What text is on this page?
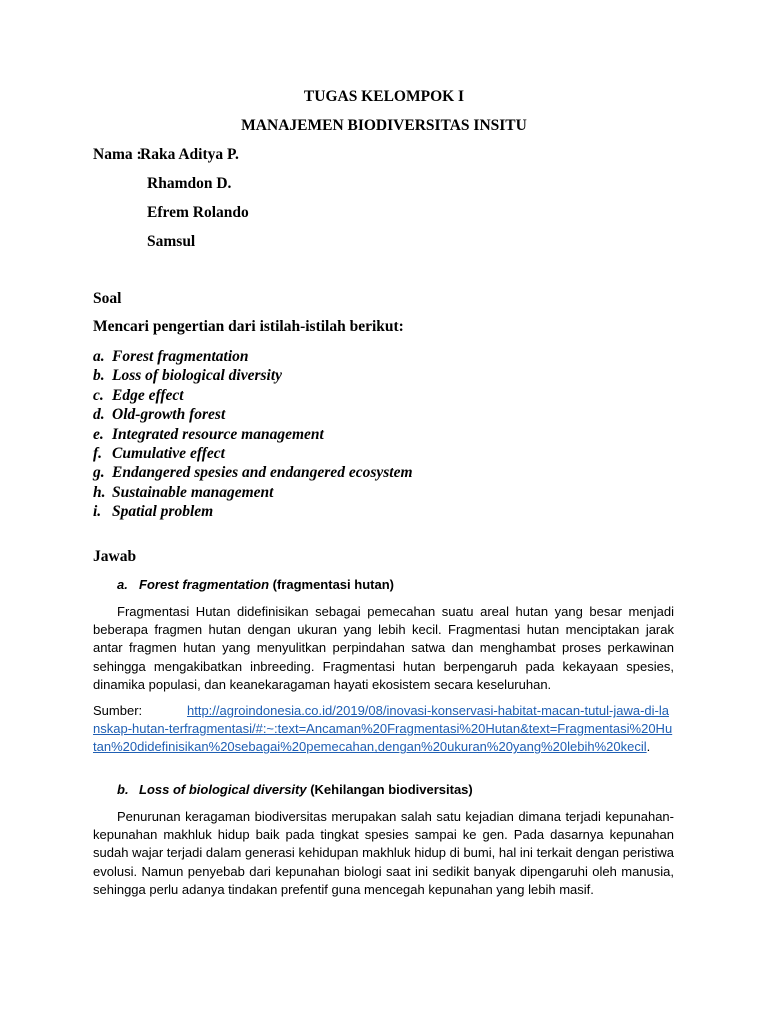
TUGAS KELOMPOK I
MANAJEMEN BIODIVERSITAS INSITU
Nama :
Raka Aditya P.
Rhamdon D.
Efrem Rolando
Samsul
Soal
Mencari pengertian dari istilah-istilah berikut:
a. Forest fragmentation
b. Loss of biological diversity
c. Edge effect
d. Old-growth forest
e. Integrated resource management
f. Cumulative effect
g. Endangered spesies and endangered ecosystem
h. Sustainable management
i. Spatial problem
Jawab
a. Forest fragmentation (fragmentasi hutan)

Fragmentasi Hutan didefinisikan sebagai pemecahan suatu areal hutan yang besar menjadi beberapa fragmen hutan dengan ukuran yang lebih kecil. Fragmentasi hutan menciptakan jarak antar fragmen hutan yang menyulitkan perpindahan satwa dan menghambat proses perkawinan sehingga mengakibatkan inbreeding. Fragmentasi hutan berpengaruh pada kekayaan spesies, dinamika populasi, dan keanekaragaman hayati ekosistem secara keseluruhan.

Sumber:	http://agroindonesia.co.id/2019/08/inovasi-konservasi-habitat-macan-tutul-jawa-di-lanskap-hutan-terfragmentasi/#:~:text=Ancaman%20Fragmentasi%20Hutan&text=Fragmentasi%20Hutan%20didefinisikan%20sebagai%20pemecahan,dengan%20ukuran%20yang%20lebih%20kecil.

b. Loss of biological diversity (Kehilangan biodiversitas)

Penurunan keragaman biodiversitas merupakan salah satu kejadian dimana terjadi kepunahan-kepunahan makhluk hidup baik pada tingkat spesies sampai ke gen. Pada dasarnya kepunahan sudah wajar terjadi dalam generasi kehidupan makhluk hidup di bumi, hal ini terkait dengan peristiwa evolusi. Namun penyebab dari kepunahan biologi saat ini sedikit banyak dipengaruhi oleh manusia, sehingga perlu adanya tindakan prefentif guna mencegah kepunahan yang lebih masif.
